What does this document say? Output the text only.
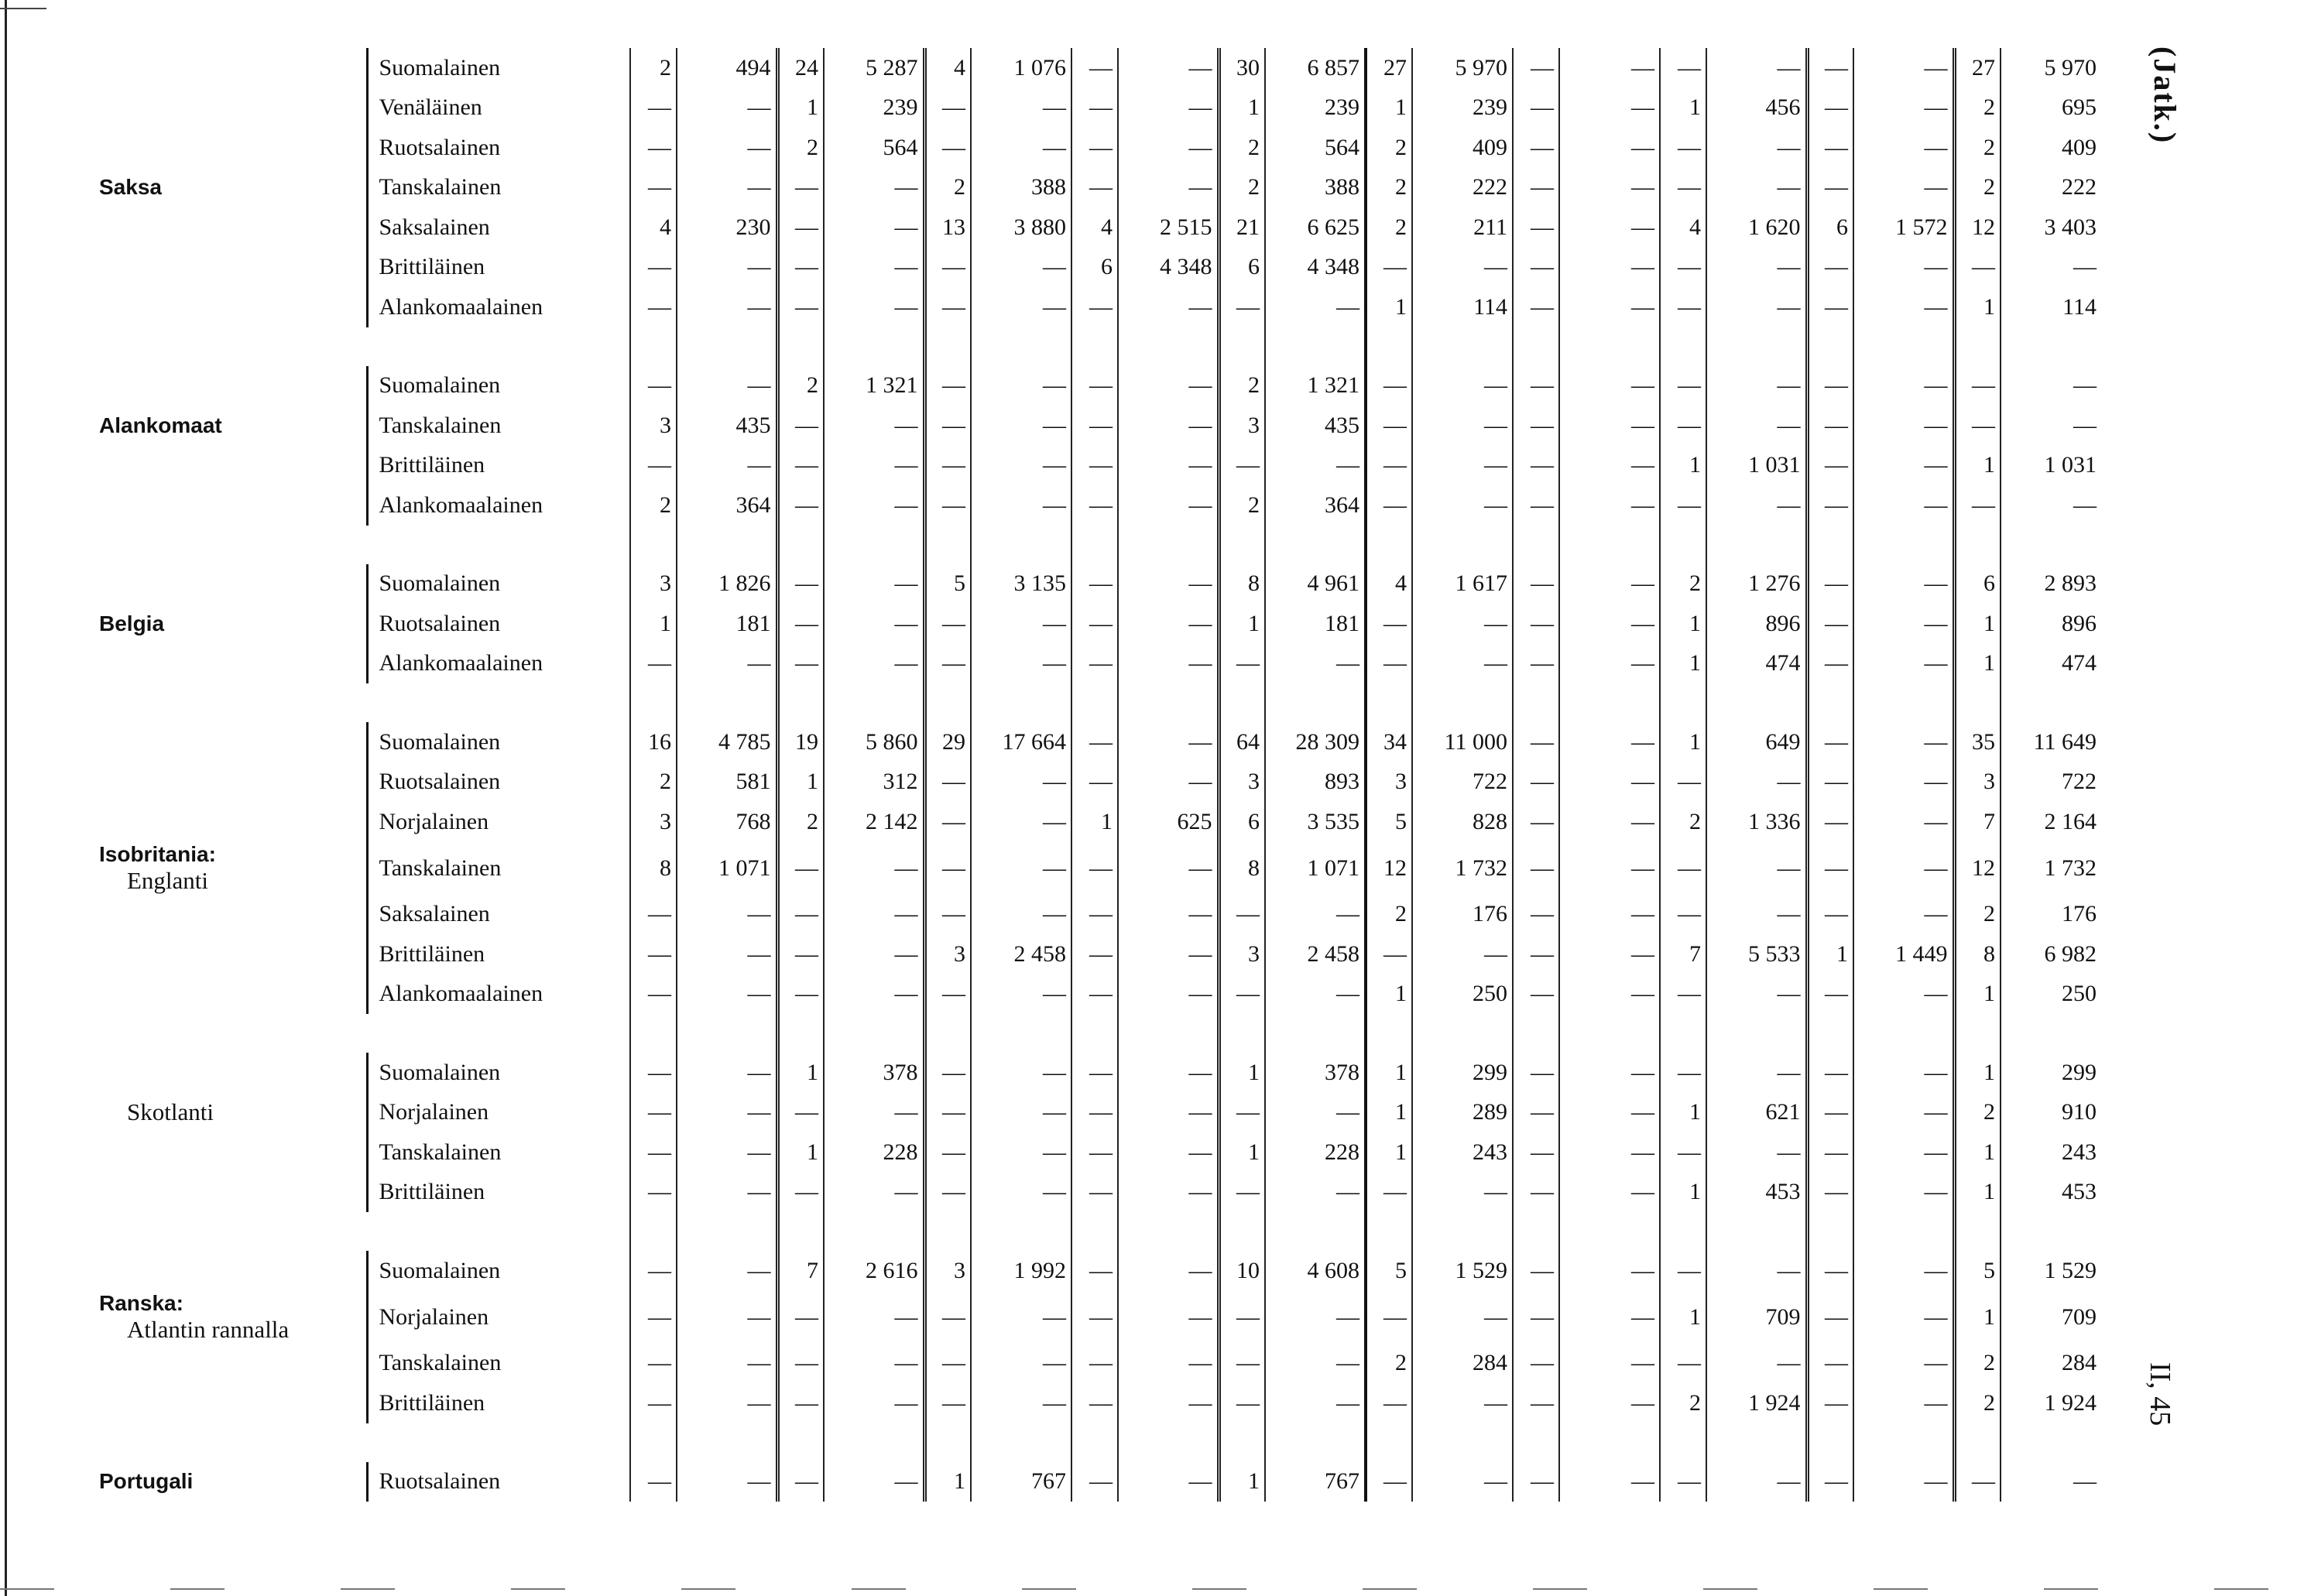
	Suomalainen	2	494	24	5 287	4	1 076	—	—	30	6 857	27	5 970	—	—	—	—	—	—	27	5 970
	Venäläinen	—	—	1	239	—	—	—	—	1	239	1	239	—	—	1	456	—	—	2	695
	Ruotsalainen	—	—	2	564	—	—	—	—	2	564	2	409	—	—	—	—	—	—	2	409
Saksa	Tanskalainen	—	—	—	—	2	388	—	—	2	388	2	222	—	—	—	—	—	—	2	222
	Saksalainen	4	230	—	—	13	3 880	4	2 515	21	6 625	2	211	—	—	4	1 620	6	1 572	12	3 403
	Brittiläinen	—	—	—	—	—	—	6	4 348	6	4 348	—	—	—	—	—	—	—	—	—	—
	Alankomaalainen	—	—	—	—	—	—	—	—	—	—	1	114	—	—	—	—	—	—	1	114

	Suomalainen	—	—	2	1 321	—	—	—	—	2	1 321	—	—	—	—	—	—	—	—	—	—
Alankomaat	Tanskalainen	3	435	—	—	—	—	—	—	3	435	—	—	—	—	—	—	—	—	—	—
	Brittiläinen	—	—	—	—	—	—	—	—	—	—	—	—	—	—	1	1 031	—	—	1	1 031
	Alankomaalainen	2	364	—	—	—	—	—	—	2	364	—	—	—	—	—	—	—	—	—	—

	Suomalainen	3	1 826	—	—	5	3 135	—	—	8	4 961	4	1 617	—	—	2	1 276	—	—	6	2 893
Belgia	Ruotsalainen	1	181	—	—	—	—	—	—	1	181	—	—	—	—	1	896	—	—	1	896
	Alankomaalainen	—	—	—	—	—	—	—	—	—	—	—	—	—	—	1	474	—	—	1	474

	Suomalainen	16	4 785	19	5 860	29	17 664	—	—	64	28 309	34	11 000	—	—	1	649	—	—	35	11 649
	Ruotsalainen	2	581	1	312	—	—	—	—	3	893	3	722	—	—	—	—	—	—	3	722
	Norjalainen	3	768	2	2 142	—	—	1	625	6	3 535	5	828	—	—	2	1 336	—	—	7	2 164
Isobritania:
Englanti	Tanskalainen	8	1 071	—	—	—	—	—	—	8	1 071	12	1 732	—	—	—	—	—	—	12	1 732
	Saksalainen	—	—	—	—	—	—	—	—	—	—	2	176	—	—	—	—	—	—	2	176
	Brittiläinen	—	—	—	—	3	2 458	—	—	3	2 458	—	—	—	—	7	5 533	1	1 449	8	6 982
	Alankomaalainen	—	—	—	—	—	—	—	—	—	—	1	250	—	—	—	—	—	—	1	250

	Suomalainen	—	—	1	378	—	—	—	—	1	378	1	299	—	—	—	—	—	—	1	299
Skotlanti	Norjalainen	—	—	—	—	—	—	—	—	—	—	1	289	—	—	1	621	—	—	2	910
	Tanskalainen	—	—	1	228	—	—	—	—	1	228	1	243	—	—	—	—	—	—	1	243
	Brittiläinen	—	—	—	—	—	—	—	—	—	—	—	—	—	—	1	453	—	—	1	453

	Suomalainen	—	—	7	2 616	3	1 992	—	—	10	4 608	5	1 529	—	—	—	—	—	—	5	1 529
Ranska:
Atlantin rannalla	Norjalainen	—	—	—	—	—	—	—	—	—	—	—	—	—	—	1	709	—	—	1	709
	Tanskalainen	—	—	—	—	—	—	—	—	—	—	2	284	—	—	—	—	—	—	2	284
	Brittiläinen	—	—	—	—	—	—	—	—	—	—	—	—	—	—	2	1 924	—	—	2	1 924

Portugali	Ruotsalainen	—	—	—	—	1	767	—	—	1	767	—	—	—	—	—	—	—	—	—	—
(Jatk.)
II, 45
